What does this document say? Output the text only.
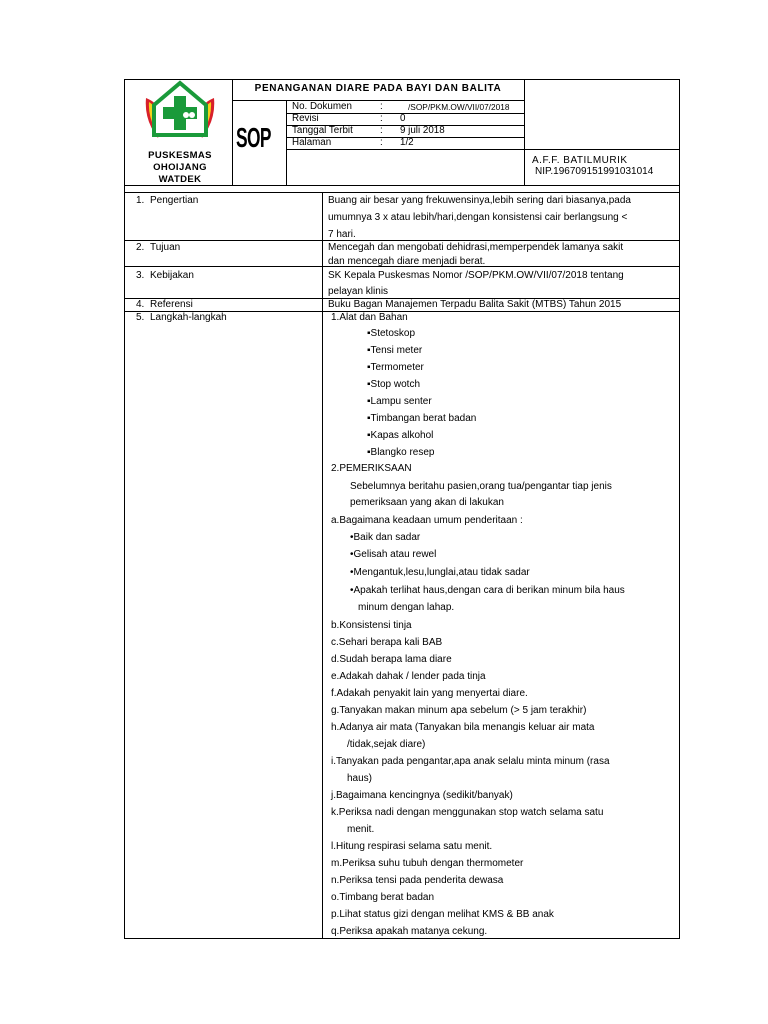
PUSKESMAS
OHOIJANG
WATDEK
PENANGANAN DIARE PADA BAYI DAN BALITA
SOP
No. Dokumen	:	/SOP/PKM.OW/VII/07/2018
Revisi	: 0
Tanggal Terbit	: 9 juli 2018
Halaman	: 1/2
A.F.F. BATILMURIK
NIP.196709151991031014
1. Pengertian	Buang air besar yang frekuwensinya,lebih sering dari biasanya,pada
umumnya 3 x atau lebih/hari,dengan konsistensi cair berlangsung <
7 hari.
2. Tujuan	Mencegah dan mengobati dehidrasi,memperpendek lamanya sakit
dan mencegah diare menjadi berat.
3. Kebijakan	SK Kepala Puskesmas Nomor /SOP/PKM.OW/VII/07/2018 tentang
pelayan klinis
4. Referensi	Buku Bagan Manajemen Terpadu Balita Sakit (MTBS) Tahun 2015
5. Langkah-langkah	1.Alat dan Bahan
▪Stetoskop
▪Tensi meter
▪Termometer
▪Stop wotch
▪Lampu senter
▪Timbangan berat badan
▪Kapas alkohol
▪Blangko resep
2.PEMERIKSAAN
Sebelumnya beritahu pasien,orang tua/pengantar tiap jenis
pemeriksaan yang akan di lakukan
a.Bagaimana keadaan umum penderitaan :
•Baik dan sadar
•Gelisah atau rewel
•Mengantuk,lesu,lunglai,atau tidak sadar
•Apakah terlihat haus,dengan cara di berikan minum bila haus
minum dengan lahap.
b.Konsistensi tinja
c.Sehari berapa kali BAB
d.Sudah berapa lama diare
e.Adakah dahak / lender pada tinja
f.Adakah penyakit lain yang menyertai diare.
g.Tanyakan makan minum apa sebelum (> 5 jam terakhir)
h.Adanya air mata (Tanyakan bila menangis keluar air mata
/tidak,sejak diare)
i.Tanyakan pada pengantar,apa anak selalu minta minum (rasa
haus)
j.Bagaimana kencingnya (sedikit/banyak)
k.Periksa nadi dengan menggunakan stop watch selama satu
menit.
l.Hitung respirasi selama satu menit.
m.Periksa suhu tubuh dengan thermometer
n.Periksa tensi pada penderita dewasa
o.Timbang berat badan
p.Lihat status gizi dengan melihat KMS & BB anak
q.Periksa apakah matanya cekung.
